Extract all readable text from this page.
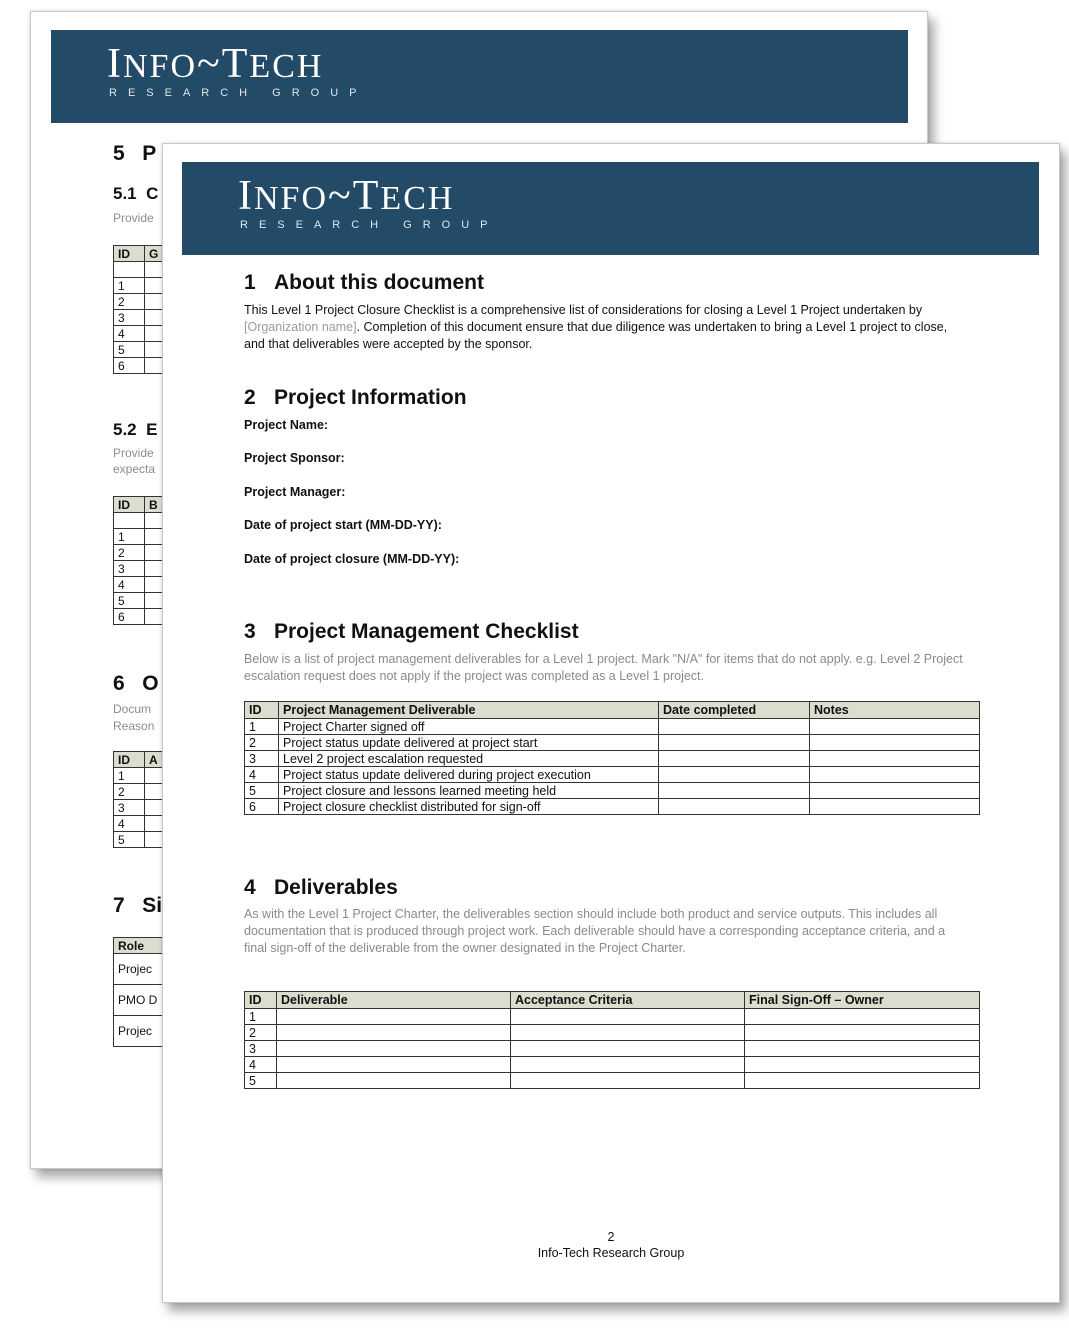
INFO~TECH
RESEARCH GROUP
5 P
5.1 C
Provide
ID	G

1	
2	
3	
4	
5	
6	
5.2 E
Provide
expecta
ID	B

1	
2	
3	
4	
5	
6	
6 O
Docum
Reason
ID	A
1	
2	
3	
4	
5	
7 Si
Role
Projec
PMO D
Projec
INFO~TECH
RESEARCH GROUP
1 About this document
This Level 1 Project Closure Checklist is a comprehensive list of considerations for closing a Level 1 Project undertaken by [Organization name]. Completion of this document ensure that due diligence was undertaken to bring a Level 1 project to close, and that deliverables were accepted by the sponsor.
2 Project Information
Project Name:
Project Sponsor:
Project Manager:
Date of project start (MM-DD-YY):
Date of project closure (MM-DD-YY):
3 Project Management Checklist
Below is a list of project management deliverables for a Level 1 project. Mark "N/A" for items that do not apply. e.g. Level 2 Project escalation request does not apply if the project was completed as a Level 1 project.
ID	Project Management Deliverable	Date completed	Notes
1	Project Charter signed off		
2	Project status update delivered at project start		
3	Level 2 project escalation requested		
4	Project status update delivered during project execution		
5	Project closure and lessons learned meeting held		
6	Project closure checklist distributed for sign-off		
4 Deliverables
As with the Level 1 Project Charter, the deliverables section should include both product and service outputs. This includes all documentation that is produced through project work. Each deliverable should have a corresponding acceptance criteria, and a final sign-off of the deliverable from the owner designated in the Project Charter.
ID	Deliverable	Acceptance Criteria	Final Sign-Off – Owner
1			
2			
3			
4			
5			
2
Info-Tech Research Group
